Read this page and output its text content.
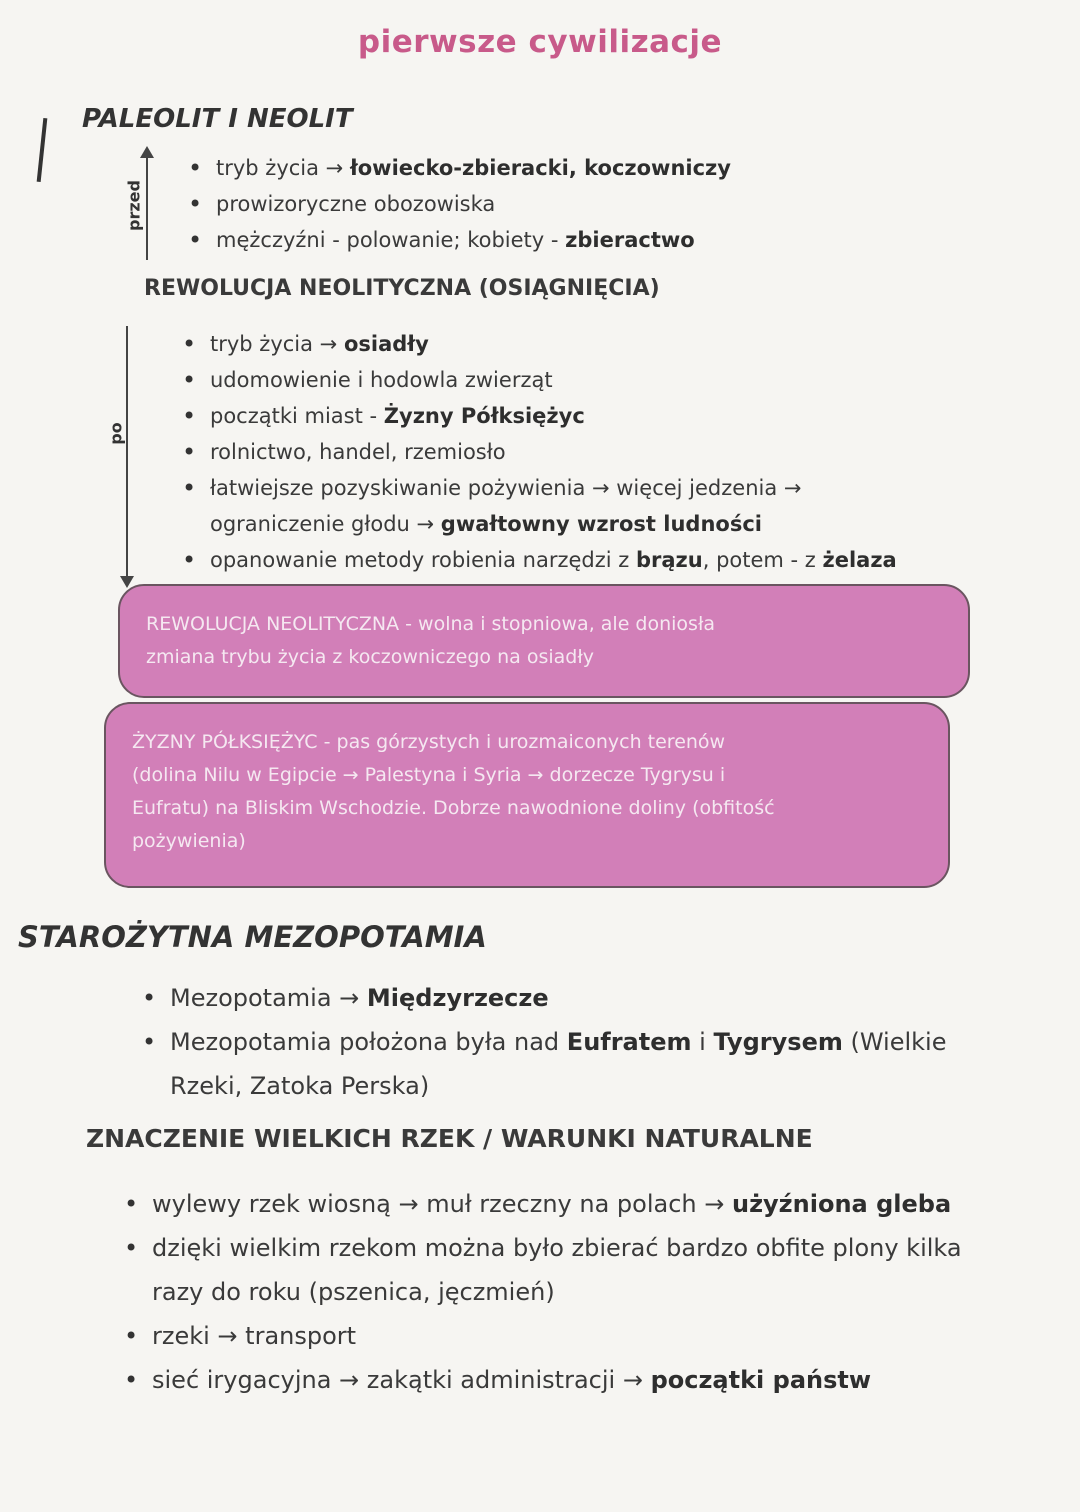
pierwsze cywilizacje
PALEOLIT I NEOLIT
przed
• tryb życia → łowiecko-zbieracki, koczowniczy
• prowizoryczne obozowiska
• mężczyźni - polowanie; kobiety - zbieractwo
REWOLUCJA NEOLITYCZNA (OSIĄGNIĘCIA)
po
• tryb życia → osiadły
• udomowienie i hodowla zwierząt
• początki miast - Żyzny Półksiężyc
• rolnictwo, handel, rzemiosło
• łatwiejsze pozyskiwanie pożywienia → więcej jedzenia →
ograniczenie głodu → gwałtowny wzrost ludności
• opanowanie metody robienia narzędzi z brązu, potem - z żelaza
REWOLUCJA NEOLITYCZNA - wolna i stopniowa, ale doniosła
zmiana trybu życia z koczowniczego na osiadły
ŻYZNY PÓŁKSIĘŻYC - pas górzystych i urozmaiconych terenów
(dolina Nilu w Egipcie → Palestyna i Syria → dorzecze Tygrysu i
Eufratu) na Bliskim Wschodzie. Dobrze nawodnione doliny (obfitość
pożywienia)
STAROŻYTNA MEZOPOTAMIA
• Mezopotamia → Międzyrzecze
• Mezopotamia położona była nad Eufratem i Tygrysem (Wielkie
Rzeki, Zatoka Perska)
ZNACZENIE WIELKICH RZEK / WARUNKI NATURALNE
• wylewy rzek wiosną → muł rzeczny na polach → użyźniona gleba
• dzięki wielkim rzekom można było zbierać bardzo obfite plony kilka
razy do roku (pszenica, jęczmień)
• rzeki → transport
• sieć irygacyjna → zakątki administracji → początki państw
